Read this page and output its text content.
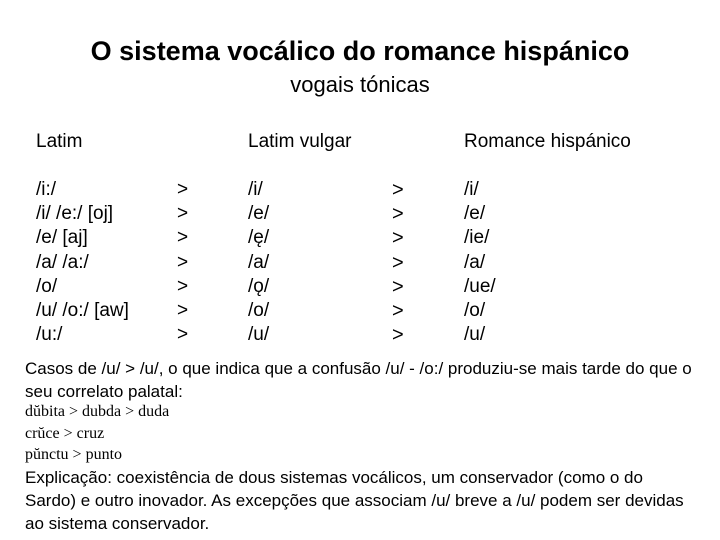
O sistema vocálico do romance hispánico
vogais tónicas
Latim	Latim vulgar	Romance hispánico
/i:/
/i/ /e:/ [oj]
/e/ [aj]
/a/ /a:/
/o/
/u/ /o:/ [aw]
/u:/
>
>
>
>
>
>
>
/i/
/e/
/ę/
/a/
/ǫ/
/o/
/u/
>
>
>
>
>
>
>
/i/
/e/
/ie/
/a/
/ue/
/o/
/u/
Casos de /u/ > /u/, o que indica que a confusão /u/ - /o:/ produziu-se mais tarde do que o seu correlato palatal:
dŭbita > dubda > duda
crŭce > cruz
pŭnctu > punto
Explicação: coexistência de dous sistemas vocálicos, um conservador (como o do Sardo) e outro inovador. As excepções que associam /u/ breve a /u/ podem ser devidas ao sistema conservador.
